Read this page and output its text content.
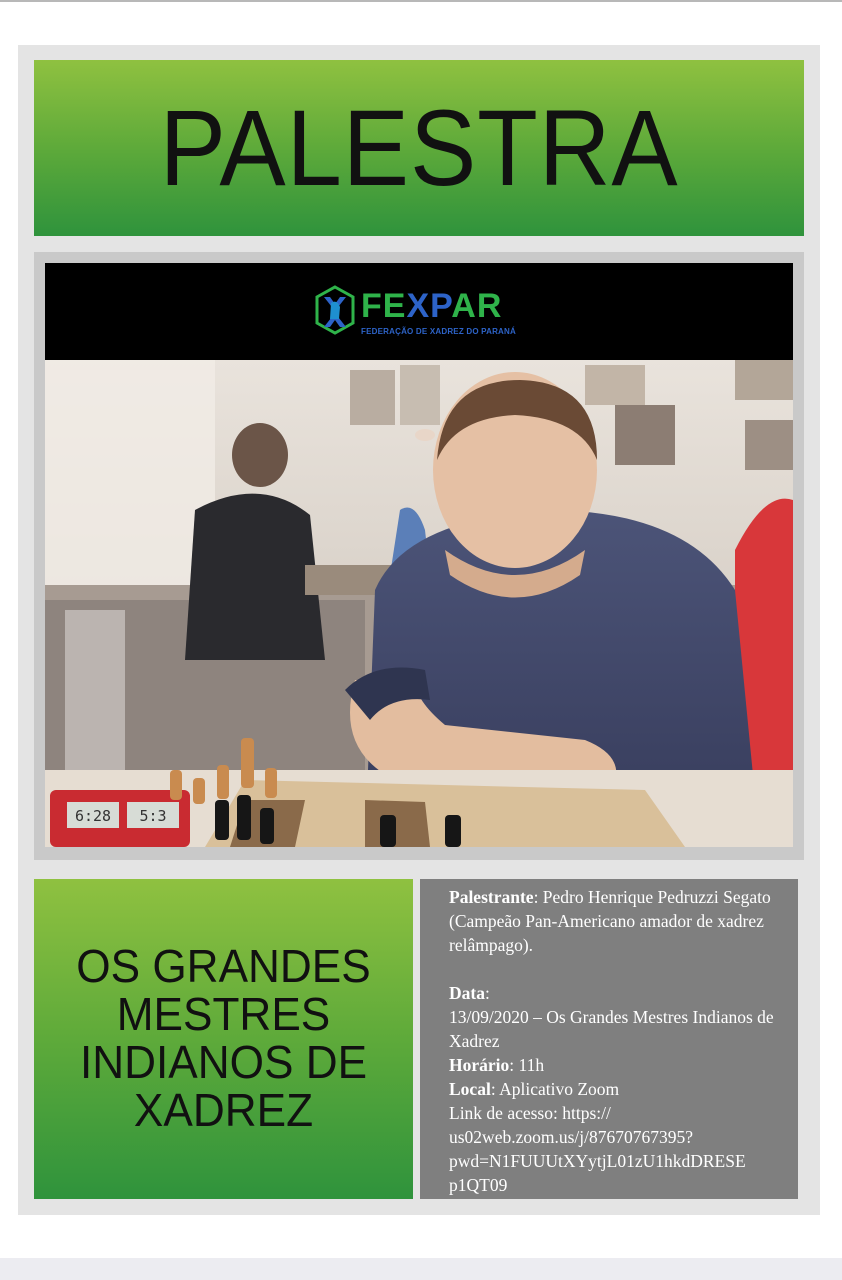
PALESTRA
FEXPAR
FEDERAÇÃO DE XADREZ DO PARANÁ
6:28 5:3
OS GRANDES
MESTRES
INDIANOS DE
XADREZ

Palestrante: Pedro Henrique Pedruzzi Segato (Campeão Pan-Americano amador de xadrez relâmpago).

Data:

13/09/2020 – Os Grandes Mestres Indianos de Xadrez

Horário: 11h

Local: Aplicativo Zoom

Link de acesso: https://

us02web.zoom.us/j/87670767395?

pwd=N1FUUUtXYytjL01zU1hkdDRESE

p1QT09
